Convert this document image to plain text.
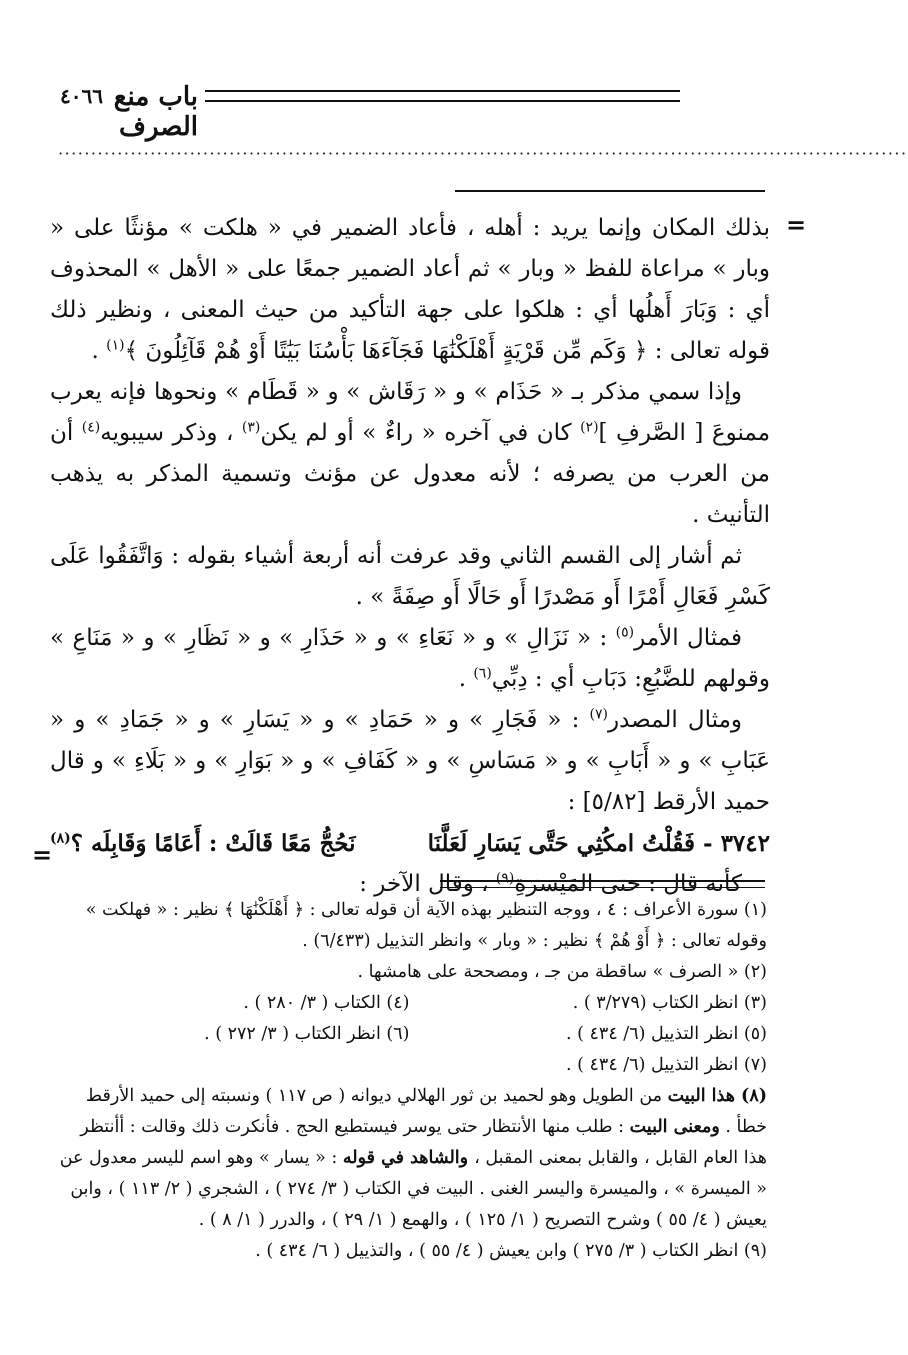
باب منع الصرف
٤٠٦٦
·································································································································
=
=

بذلك المكان وإنما يريد : أهله ، فأعاد الضمير في « هلكت » مؤنثًا على « وبار » مراعاة للفظ « وبار » ثم أعاد الضمير جمعًا على « الأهل » المحذوف أي : وَبَارَ أَهلُها أي : هلكوا على جهة التأكيد من حيث المعنى ، ونظير ذلك قوله تعالى : ﴿ وَكَم مِّن قَرْيَةٍ أَهْلَكْنَٰهَا فَجَآءَهَا بَأْسُنَا بَيَٰتًا أَوْ هُمْ قَآئِلُونَ ﴾$^{(١)}$ .

وإذا سمي مذكر بـ « حَذَام » و « رَقَاش » و « قَطَام » ونحوها فإنه يعرب ممنوعَ [ الصَّرفِ ]$^{(٢)}$ كان في آخره « راءٌ » أو لم يكن$^{(٣)}$ ، وذكر سيبويه$^{(٤)}$ أن من العرب من يصرفه ؛ لأنه معدول عن مؤنث وتسمية المذكر به يذهب التأنيث .

ثم أشار إلى القسم الثاني وقد عرفت أنه أربعة أشياء بقوله : وَاتَّفَقُوا عَلَى كَسْرِ فَعَالِ أَمْرًا أَو مَصْدرًا أَو حَالًا أَو صِفَةً » .

فمثال الأمر$^{(٥)}$ : « نَزَالِ » و « نَعَاءِ » و « حَذَارِ » و « نَظَارِ » و « مَنَاعِ » وقولهم للضَّبُعِ: دَبَابِ أي : دِبِّي$^{(٦)}$ .

ومثال المصدر$^{(٧)}$ : « فَجَارِ » و « حَمَادِ » و « يَسَارِ » و « جَمَادِ » و « عَبَابِ » و « أَبَابِ » و « مَسَاسِ » و « كَفَافِ » و « بَوَارِ » و « بَلَاءِ » و قال حميد الأرقط [٥/٨٢] :

٣٧٤٢ - فَقُلْتُ امكُثِي حَتَّى يَسَارِ لَعَلَّنَا
نَحُجُّ مَعًا قَالَتْ : أَعَامًا وَقَابِلَه ؟$^{(٨)}$

كأنه قال : حتى المَيْسرَةِ$^{(٩)}$ ، وقال الآخر :

(١) سورة الأعراف : ٤ ، ووجه التنظير بهذه الآية أن قوله تعالى : ﴿ أَهْلَكْنَٰهَا ﴾ نظير : « فهلكت » وقوله تعالى : ﴿ أَوْ هُمْ ﴾ نظير : « وبار » وانظر التذييل (٦/٤٣٣) .

(٢) « الصرف » ساقطة من جـ ، ومصححة على هامشها .

(٣) انظر الكتاب (٣/٢٧٩ ) .
(٤) الكتاب ( ٣/ ٢٨٠ ) .
(٥) انظر التذييل (٦/ ٤٣٤ ) .
(٦) انظر الكتاب ( ٣/ ٢٧٢ ) .

(٧) انظر التذييل (٦/ ٤٣٤ ) .

(٨) هذا البيت من الطويل وهو لحميد بن ثور الهلالي ديوانه ( ص ١١٧ ) ونسبته إلى حميد الأرقط خطأ . ومعنى البيت : طلب منها الأنتظار حتى يوسر فيستطيع الحج . فأنكرت ذلك وقالت : أأنتظر هذا العام القابل ، والقابل بمعنى المقبل ، والشاهد في قوله : « يسار » وهو اسم لليسر معدول عن « الميسرة » ، والميسرة واليسر الغنى . البيت في الكتاب ( ٣/ ٢٧٤ ) ، الشجري ( ٢/ ١١٣ ) ، وابن يعيش ( ٤/ ٥٥ ) وشرح التصريح ( ١/ ١٢٥ ) ، والهمع ( ١/ ٢٩ ) ، والدرر ( ١/ ٨ ) .

(٩) انظر الكتاب ( ٣/ ٢٧٥ ) وابن يعيش ( ٤/ ٥٥ ) ، والتذييل ( ٦/ ٤٣٤ ) .
